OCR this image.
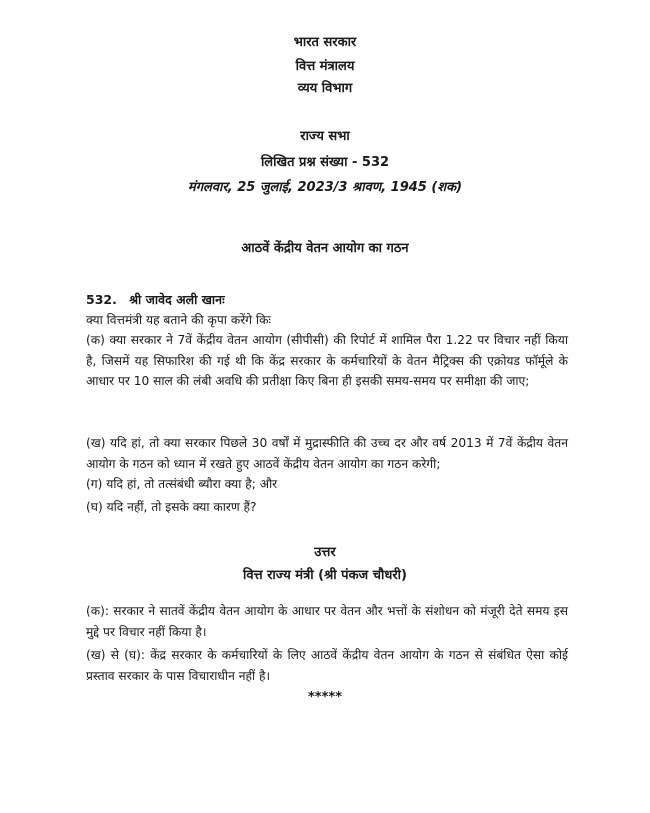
भारत सरकार
वित्त मंत्रालय
व्यय विभाग
राज्य सभा
लिखित प्रश्न संख्या - 532
मंगलवार, 25 जुलाई, 2023/3 श्रावण, 1945 (शक)
आठवें केंद्रीय वेतन आयोग का गठन
532. श्री जावेद अली खानः
क्या वित्तमंत्री यह बताने की कृपा करेंगे किः
(क) क्या सरकार ने 7वें केंद्रीय वेतन आयोग (सीपीसी) की रिपोर्ट में शामिल पैरा 1.22 पर विचार नहीं किया है, जिसमें यह सिफारिश की गई थी कि केंद्र सरकार के कर्मचारियों के वेतन मैट्रिक्स की एक्रोयड फॉर्मूले के आधार पर 10 साल की लंबी अवधि की प्रतीक्षा किए बिना ही इसकी समय-समय पर समीक्षा की जाए;
(ख) यदि हां, तो क्या सरकार पिछले 30 वर्षों में मुद्रास्फीति की उच्च दर और वर्ष 2013 में 7वें केंद्रीय वेतन आयोग के गठन को ध्यान में रखते हुए आठवें केंद्रीय वेतन आयोग का गठन करेगी;
(ग) यदि हां, तो तत्संबंधी ब्यौरा क्या है; और
(घ) यदि नहीं, तो इसके क्या कारण हैं?
उत्तर
वित्त राज्य मंत्री (श्री पंकज चौधरी)
(क): सरकार ने सातवें केंद्रीय वेतन आयोग के आधार पर वेतन और भत्तों के संशोधन को मंजूरी देते समय इस मुद्दे पर विचार नहीं किया है।
(ख) से (घ): केंद्र सरकार के कर्मचारियों के लिए आठवें केंद्रीय वेतन आयोग के गठन से संबंधित ऐसा कोई प्रस्ताव सरकार के पास विचाराधीन नहीं है।
*****
